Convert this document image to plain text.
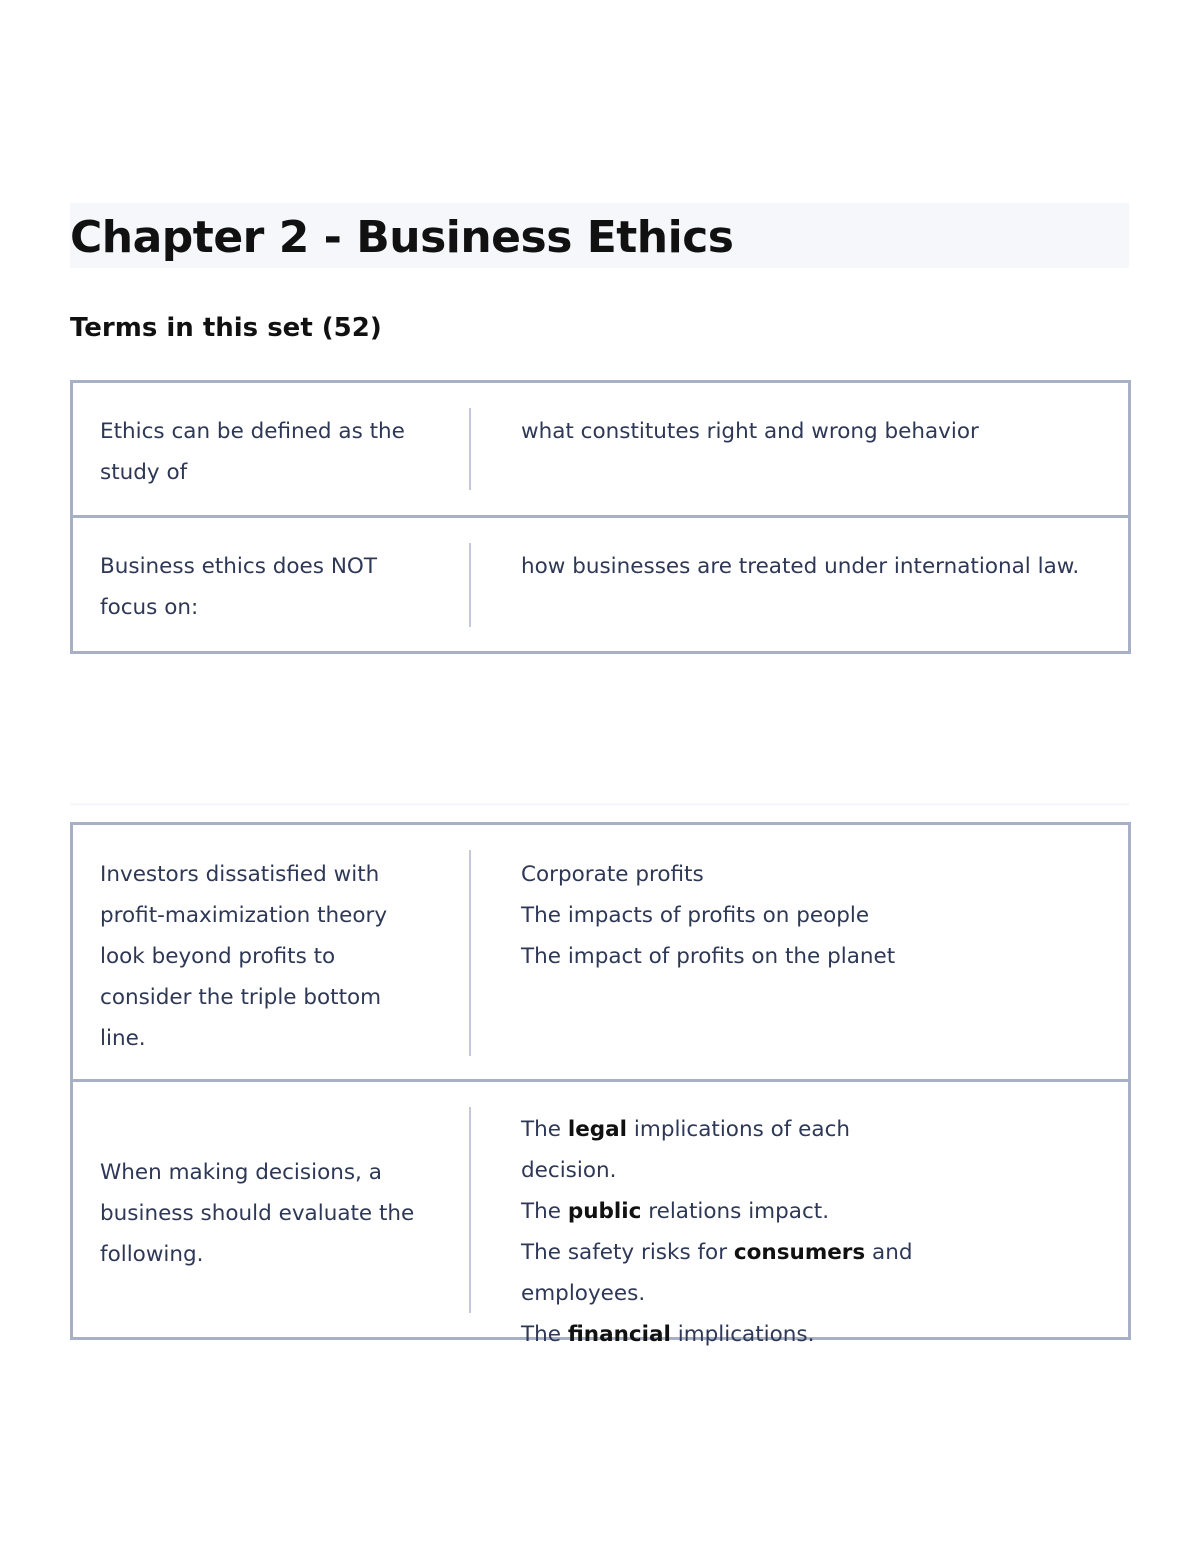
Chapter 2 - Business Ethics
Terms in this set (52)
Ethics can be defined as the study of
what constitutes right and wrong behavior
Business ethics does NOT focus on:
how businesses are treated under international law.
Investors dissatisfied with profit-maximization theory look beyond profits to consider the triple bottom line.
Corporate profits
The impacts of profits on people
The impact of profits on the planet
When making decisions, a business should evaluate the following.
The legal implications of each decision.
The public relations impact.
The safety risks for consumers and employees.
The financial implications.
